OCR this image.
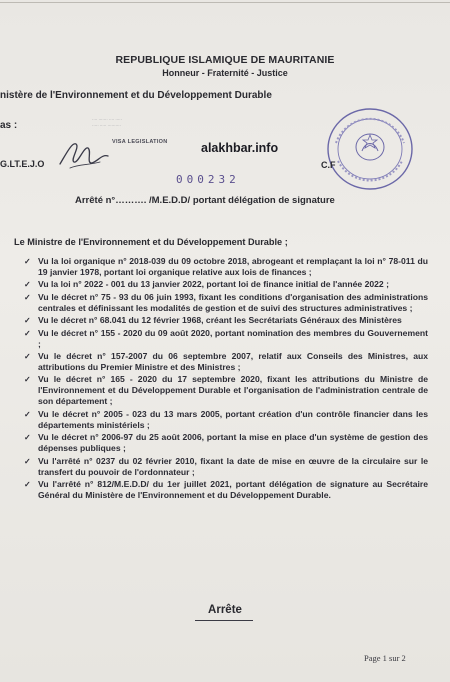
REPUBLIQUE ISLAMIQUE DE MAURITANIE
Honneur - Fraternité - Justice
nistère de l'Environnement et du Développement Durable
as :
···· ······· ···· ·····
····· ····· ··········
VISA LEGISLATION
G.LT.E.J.O	C.F
alakhbar.info
000232
Arrêté n°………. /M.E.D.D/ portant délégation de signature
Le Ministre de l'Environnement et du Développement Durable ;
✓ Vu la loi organique n° 2018-039 du 09 octobre 2018, abrogeant et remplaçant la loi n° 78-011 du 19 janvier 1978, portant loi organique relative aux lois de finances ;
✓ Vu la loi n° 2022 - 001 du 13 janvier 2022, portant loi de finance initial de l'année 2022 ;
✓ Vu le décret n° 75 - 93 du 06 juin 1993, fixant les conditions d'organisation des administrations centrales et définissant les modalités de gestion et de suivi des structures administratives ;
✓ Vu le décret n° 68.041 du 12 février 1968, créant les Secrétariats Généraux des Ministères
✓ Vu le décret n° 155 - 2020 du 09 août 2020, portant nomination des membres du Gouvernement ;
✓ Vu le décret n° 157-2007 du 06 septembre 2007, relatif aux Conseils des Ministres, aux attributions du Premier Ministre et des Ministres ;
✓ Vu le décret n° 165 - 2020 du 17 septembre 2020, fixant les attributions du Ministre de l'Environnement et du Développement Durable et l'organisation de l'administration centrale de son département ;
✓ Vu le décret n° 2005 - 023 du 13 mars 2005, portant création d'un contrôle financier dans les départements ministériels ;
✓ Vu le décret n° 2006-97 du 25 août 2006, portant la mise en place d'un système de gestion des dépenses publiques ;
✓ Vu l'arrêté n° 0237 du 02 février 2010, fixant la date de mise en œuvre de la circulaire sur le transfert du pouvoir de l'ordonnateur ;
✓ Vu l'arrêté n° 812/M.E.D.D/ du 1er juillet 2021, portant délégation de signature au Secrétaire Général du Ministère de l'Environnement et du Développement Durable.
Arrête
Page 1 sur 2
